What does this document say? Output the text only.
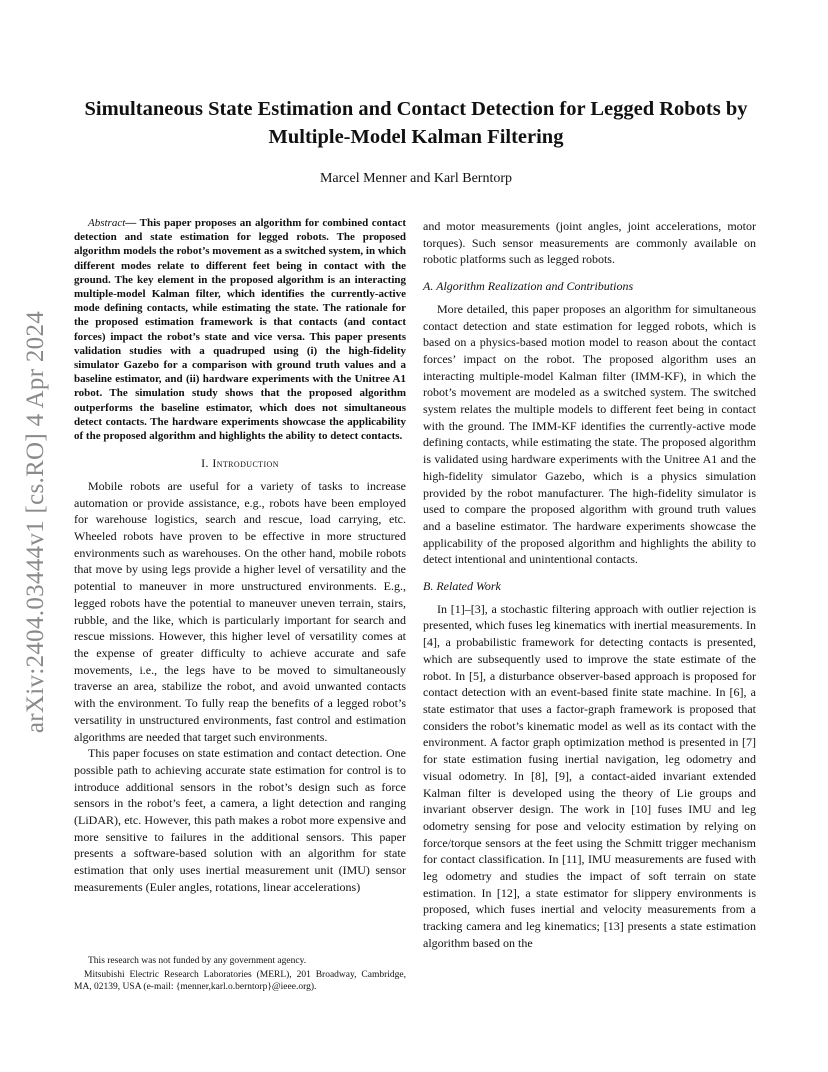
arXiv:2404.03444v1 [cs.RO] 4 Apr 2024
Simultaneous State Estimation and Contact Detection for Legged Robots by Multiple-Model Kalman Filtering

Marcel Menner and Karl Berntorp

Abstract— This paper proposes an algorithm for combined contact detection and state estimation for legged robots. The proposed algorithm models the robot’s movement as a switched system, in which different modes relate to different feet being in contact with the ground. The key element in the proposed algorithm is an interacting multiple-model Kalman filter, which identifies the currently-active mode defining contacts, while estimating the state. The rationale for the proposed estimation framework is that contacts (and contact forces) impact the robot’s state and vice versa. This paper presents validation studies with a quadruped using (i) the high-fidelity simulator Gazebo for a comparison with ground truth values and a baseline estimator, and (ii) hardware experiments with the Unitree A1 robot. The simulation study shows that the proposed algorithm outperforms the baseline estimator, which does not simultaneous detect contacts. The hardware experiments showcase the applicability of the proposed algorithm and highlights the ability to detect contacts.

I. Introduction

Mobile robots are useful for a variety of tasks to increase automation or provide assistance, e.g., robots have been employed for warehouse logistics, search and rescue, load carrying, etc. Wheeled robots have proven to be effective in more structured environments such as warehouses. On the other hand, mobile robots that move by using legs provide a higher level of versatility and the potential to maneuver in more unstructured environments. E.g., legged robots have the potential to maneuver uneven terrain, stairs, rubble, and the like, which is particularly important for search and rescue missions. However, this higher level of versatility comes at the expense of greater difficulty to achieve accurate and safe movements, i.e., the legs have to be moved to simultaneously traverse an area, stabilize the robot, and avoid unwanted contacts with the environment. To fully reap the benefits of a legged robot’s versatility in unstructured environments, fast control and estimation algorithms are needed that target such environments.

This paper focuses on state estimation and contact detection. One possible path to achieving accurate state estimation for control is to introduce additional sensors in the robot’s design such as force sensors in the robot’s feet, a camera, a light detection and ranging (LiDAR), etc. However, this path makes a robot more expensive and more sensitive to failures in the additional sensors. This paper presents a software-based solution with an algorithm for state estimation that only uses inertial measurement unit (IMU) sensor measurements (Euler angles, rotations, linear accelerations)

This research was not funded by any government agency.

Mitsubishi Electric Research Laboratories (MERL), 201 Broadway, Cambridge, MA, 02139, USA (e-mail: {menner,karl.o.berntorp}@ieee.org).

and motor measurements (joint angles, joint accelerations, motor torques). Such sensor measurements are commonly available on robotic platforms such as legged robots.

A. Algorithm Realization and Contributions

More detailed, this paper proposes an algorithm for simultaneous contact detection and state estimation for legged robots, which is based on a physics-based motion model to reason about the contact forces’ impact on the robot. The proposed algorithm uses an interacting multiple-model Kalman filter (IMM-KF), in which the robot’s movement are modeled as a switched system. The switched system relates the multiple models to different feet being in contact with the ground. The IMM-KF identifies the currently-active mode defining contacts, while estimating the state. The proposed algorithm is validated using hardware experiments with the Unitree A1 and the high-fidelity simulator Gazebo, which is a physics simulation provided by the robot manufacturer. The high-fidelity simulator is used to compare the proposed algorithm with ground truth values and a baseline estimator. The hardware experiments showcase the applicability of the proposed algorithm and highlights the ability to detect intentional and unintentional contacts.

B. Related Work

In [1]–[3], a stochastic filtering approach with outlier rejection is presented, which fuses leg kinematics with inertial measurements. In [4], a probabilistic framework for detecting contacts is presented, which are subsequently used to improve the state estimate of the robot. In [5], a disturbance observer-based approach is proposed for contact detection with an event-based finite state machine. In [6], a state estimator that uses a factor-graph framework is proposed that considers the robot’s kinematic model as well as its contact with the environment. A factor graph optimization method is presented in [7] for state estimation fusing inertial navigation, leg odometry and visual odometry. In [8], [9], a contact-aided invariant extended Kalman filter is developed using the theory of Lie groups and invariant observer design. The work in [10] fuses IMU and leg odometry sensing for pose and velocity estimation by relying on force/torque sensors at the feet using the Schmitt trigger mechanism for contact classification. In [11], IMU measurements are fused with leg odometry and studies the impact of soft terrain on state estimation. In [12], a state estimator for slippery environments is proposed, which fuses inertial and velocity measurements from a tracking camera and leg kinematics; [13] presents a state estimation algorithm based on the
